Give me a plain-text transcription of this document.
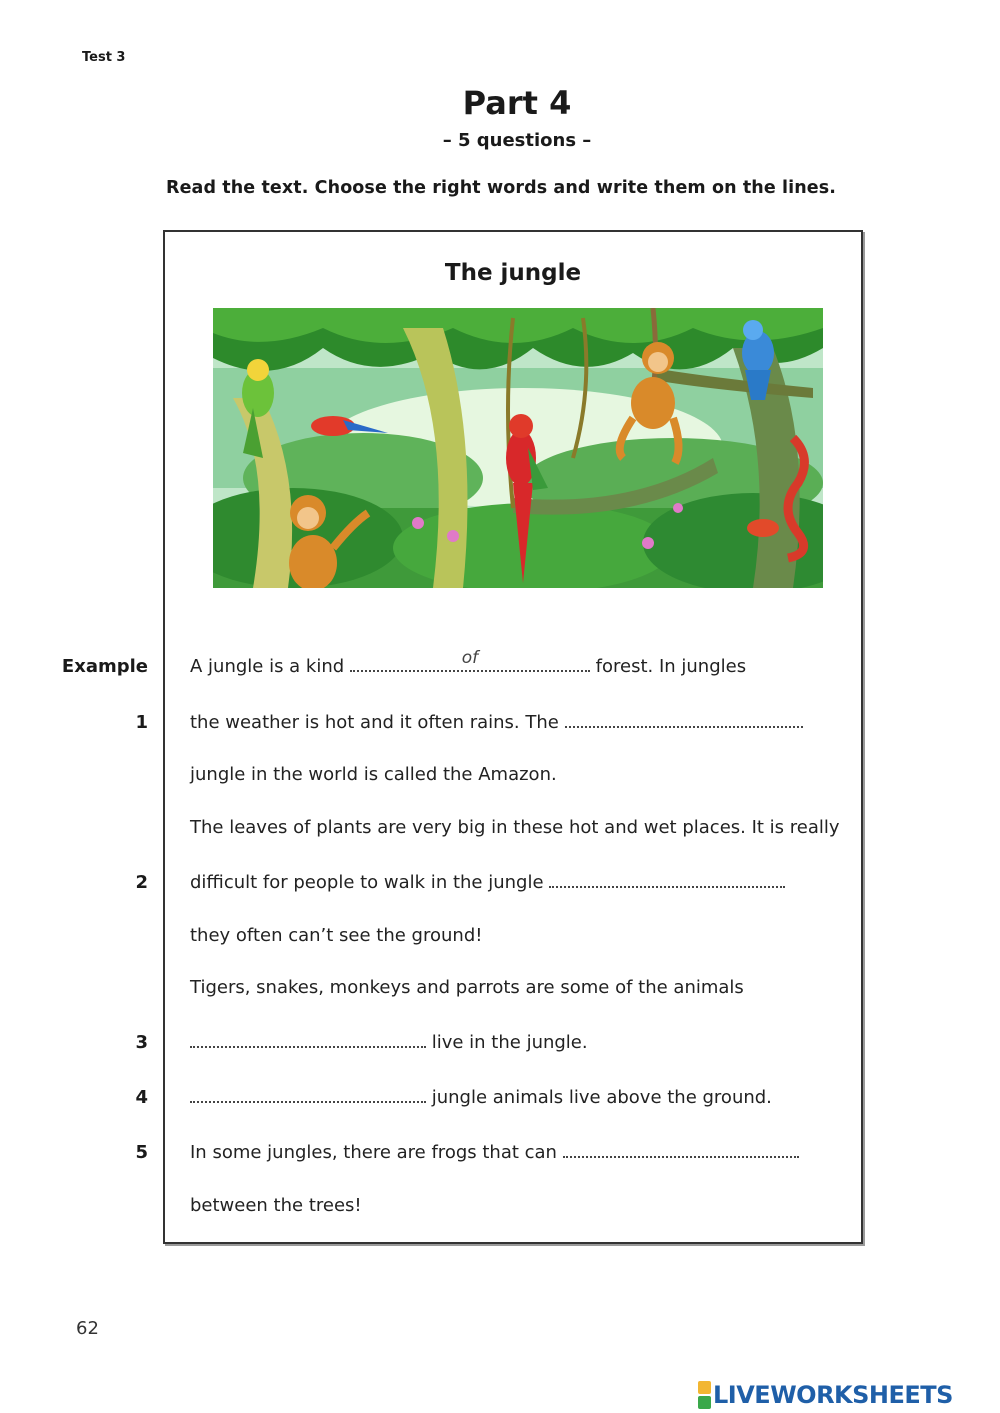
Test 3
Part 4
– 5 questions –
Read the text. Choose the right words and write them on the lines.
The jungle
Example
1
2
3
4
5
A jungle is a kind	of	forest. In jungles
the weather is hot and it often rains. The
jungle in the world is called the Amazon.
The leaves of plants are very big in these hot and wet places. It is really
difficult for people to walk in the jungle
they often can’t see the ground!
Tigers, snakes, monkeys and parrots are some of the animals
live in the jungle.
jungle animals live above the ground.
In some jungles, there are frogs that can
between the trees!
62
LIVEWORKSHEETS
